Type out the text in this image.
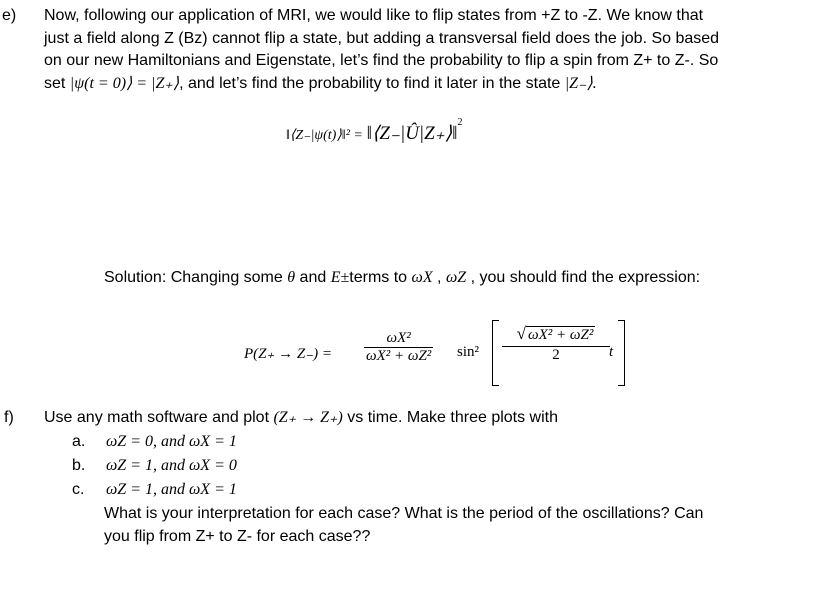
e) Now, following our application of MRI, we would like to flip states from +Z to -Z. We know that
just a field along Z (Bz) cannot flip a state, but adding a transversal field does the job. So based
on our new Hamiltonians and Eigenstate, let’s find the probability to flip a spin from Z+ to Z-. So
set |ψ(t = 0)⟩ = |Z₊⟩, and let’s find the probability to find it later in the state |Z₋⟩.
‖⟨Z₋|ψ(t)⟩‖² = ‖⟨Z₋|Û|Z₊⟩‖$^2$
Solution: Changing some θ and E±terms to ωX , ωZ , you should find the expression:
$P(Z_+ \to Z_-) = \frac{\text{ωX²}}{\text{ωX² + ωZ²}} \sin^2$
√ ωX² + ωZ²
2	t
f) Use any math software and plot (Z₊ → Z₊) vs time. Make three plots with
a. ωZ = 0, and ωX = 1
b. ωZ = 1, and ωX = 0
c. ωZ = 1, and ωX = 1
What is your interpretation for each case? What is the period of the oscillations? Can
you flip from Z+ to Z- for each case??
